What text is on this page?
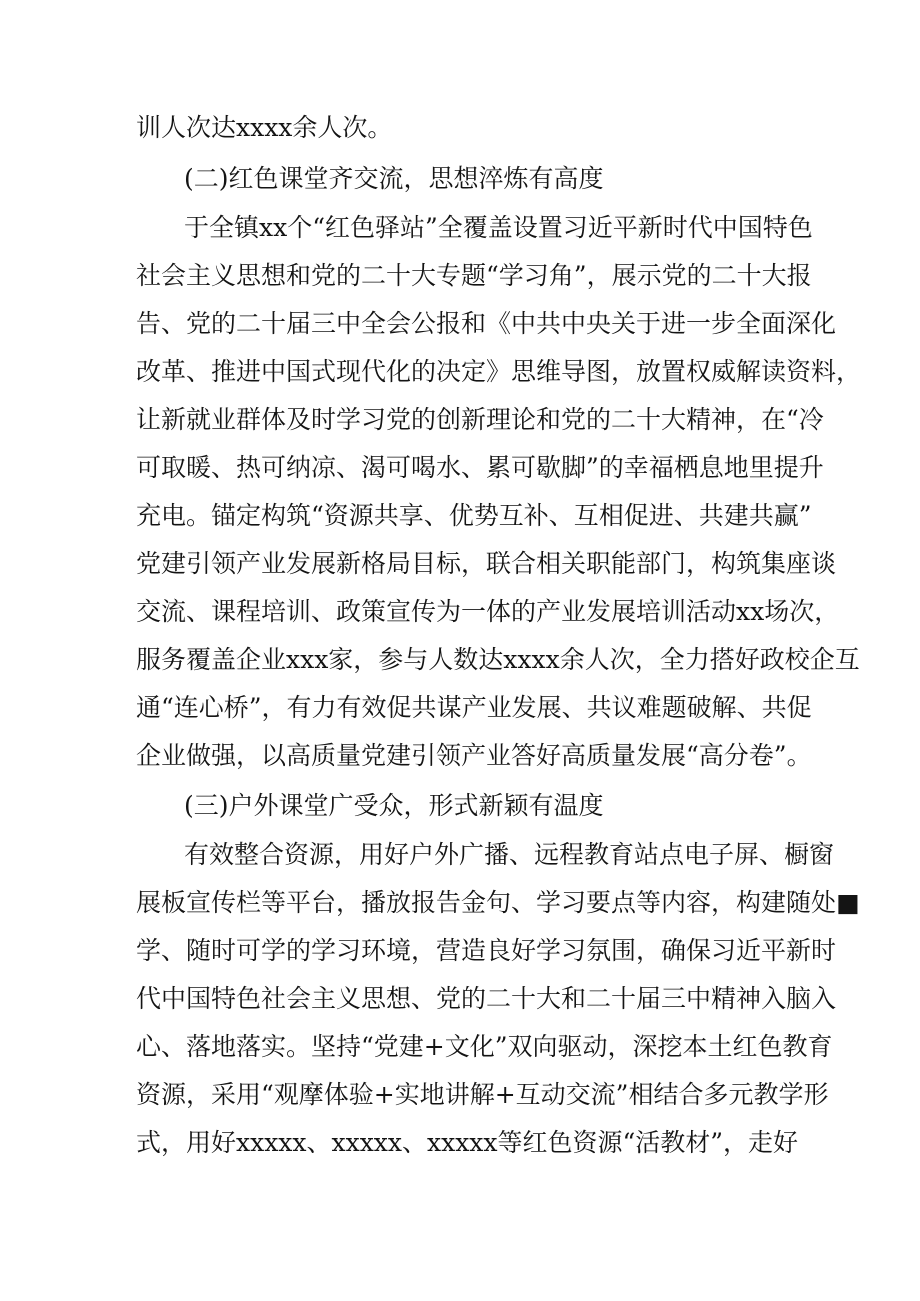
训人次达xxxx余人次。
(二)红色课堂齐交流，思想淬炼有高度
于全镇xx个“红色驿站”全覆盖设置习近平新时代中国特色
社会主义思想和党的二十大专题“学习角”，展示党的二十大报
告、党的二十届三中全会公报和《中共中央关于进一步全面深化
改革、推进中国式现代化的决定》思维导图，放置权威解读资料，
让新就业群体及时学习党的创新理论和党的二十大精神，在“冷
可取暖、热可纳凉、渴可喝水、累可歇脚”的幸福栖息地里提升
充电。锚定构筑“资源共享、优势互补、互相促进、共建共赢”
党建引领产业发展新格局目标，联合相关职能部门，构筑集座谈
交流、课程培训、政策宣传为一体的产业发展培训活动xx场次，
服务覆盖企业xxx家，参与人数达xxxx余人次，全力搭好政校企互
通“连心桥”，有力有效促共谋产业发展、共议难题破解、共促
企业做强，以高质量党建引领产业答好高质量发展“高分卷”。
(三)户外课堂广受众，形式新颖有温度
有效整合资源，用好户外广播、远程教育站点电子屏、橱窗
展板宣传栏等平台，播放报告金句、学习要点等内容，构建随处■
学、随时可学的学习环境，营造良好学习氛围，确保习近平新时
代中国特色社会主义思想、党的二十大和二十届三中精神入脑入
心、落地落实。坚持“党建+文化”双向驱动，深挖本土红色教育
资源，采用“观摩体验+实地讲解+互动交流”相结合多元教学形
式，用好xxxxx、xxxxx、xxxxx等红色资源“活教材”，走好
